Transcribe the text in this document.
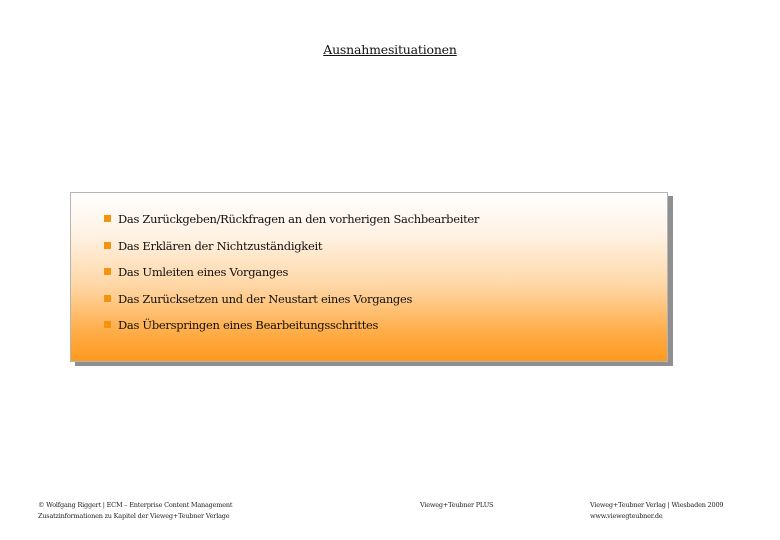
Ausnahmesituationen
Das Zurückgeben/Rückfragen an den vorherigen Sachbearbeiter
Das Erklären der Nichtzuständigkeit
Das Umleiten eines Vorganges
Das Zurücksetzen und der Neustart eines Vorganges
Das Überspringen eines Bearbeitungsschrittes
© Wolfgang Riggert | ECM – Enterprise Content Management
Zusatzinformationen zu Kapitel der Vieweg+Teubner Verlage
Vieweg+Teubner PLUS	Vieweg+Teubner Verlag | Wiesbaden 2009
www.viewegteubner.de
